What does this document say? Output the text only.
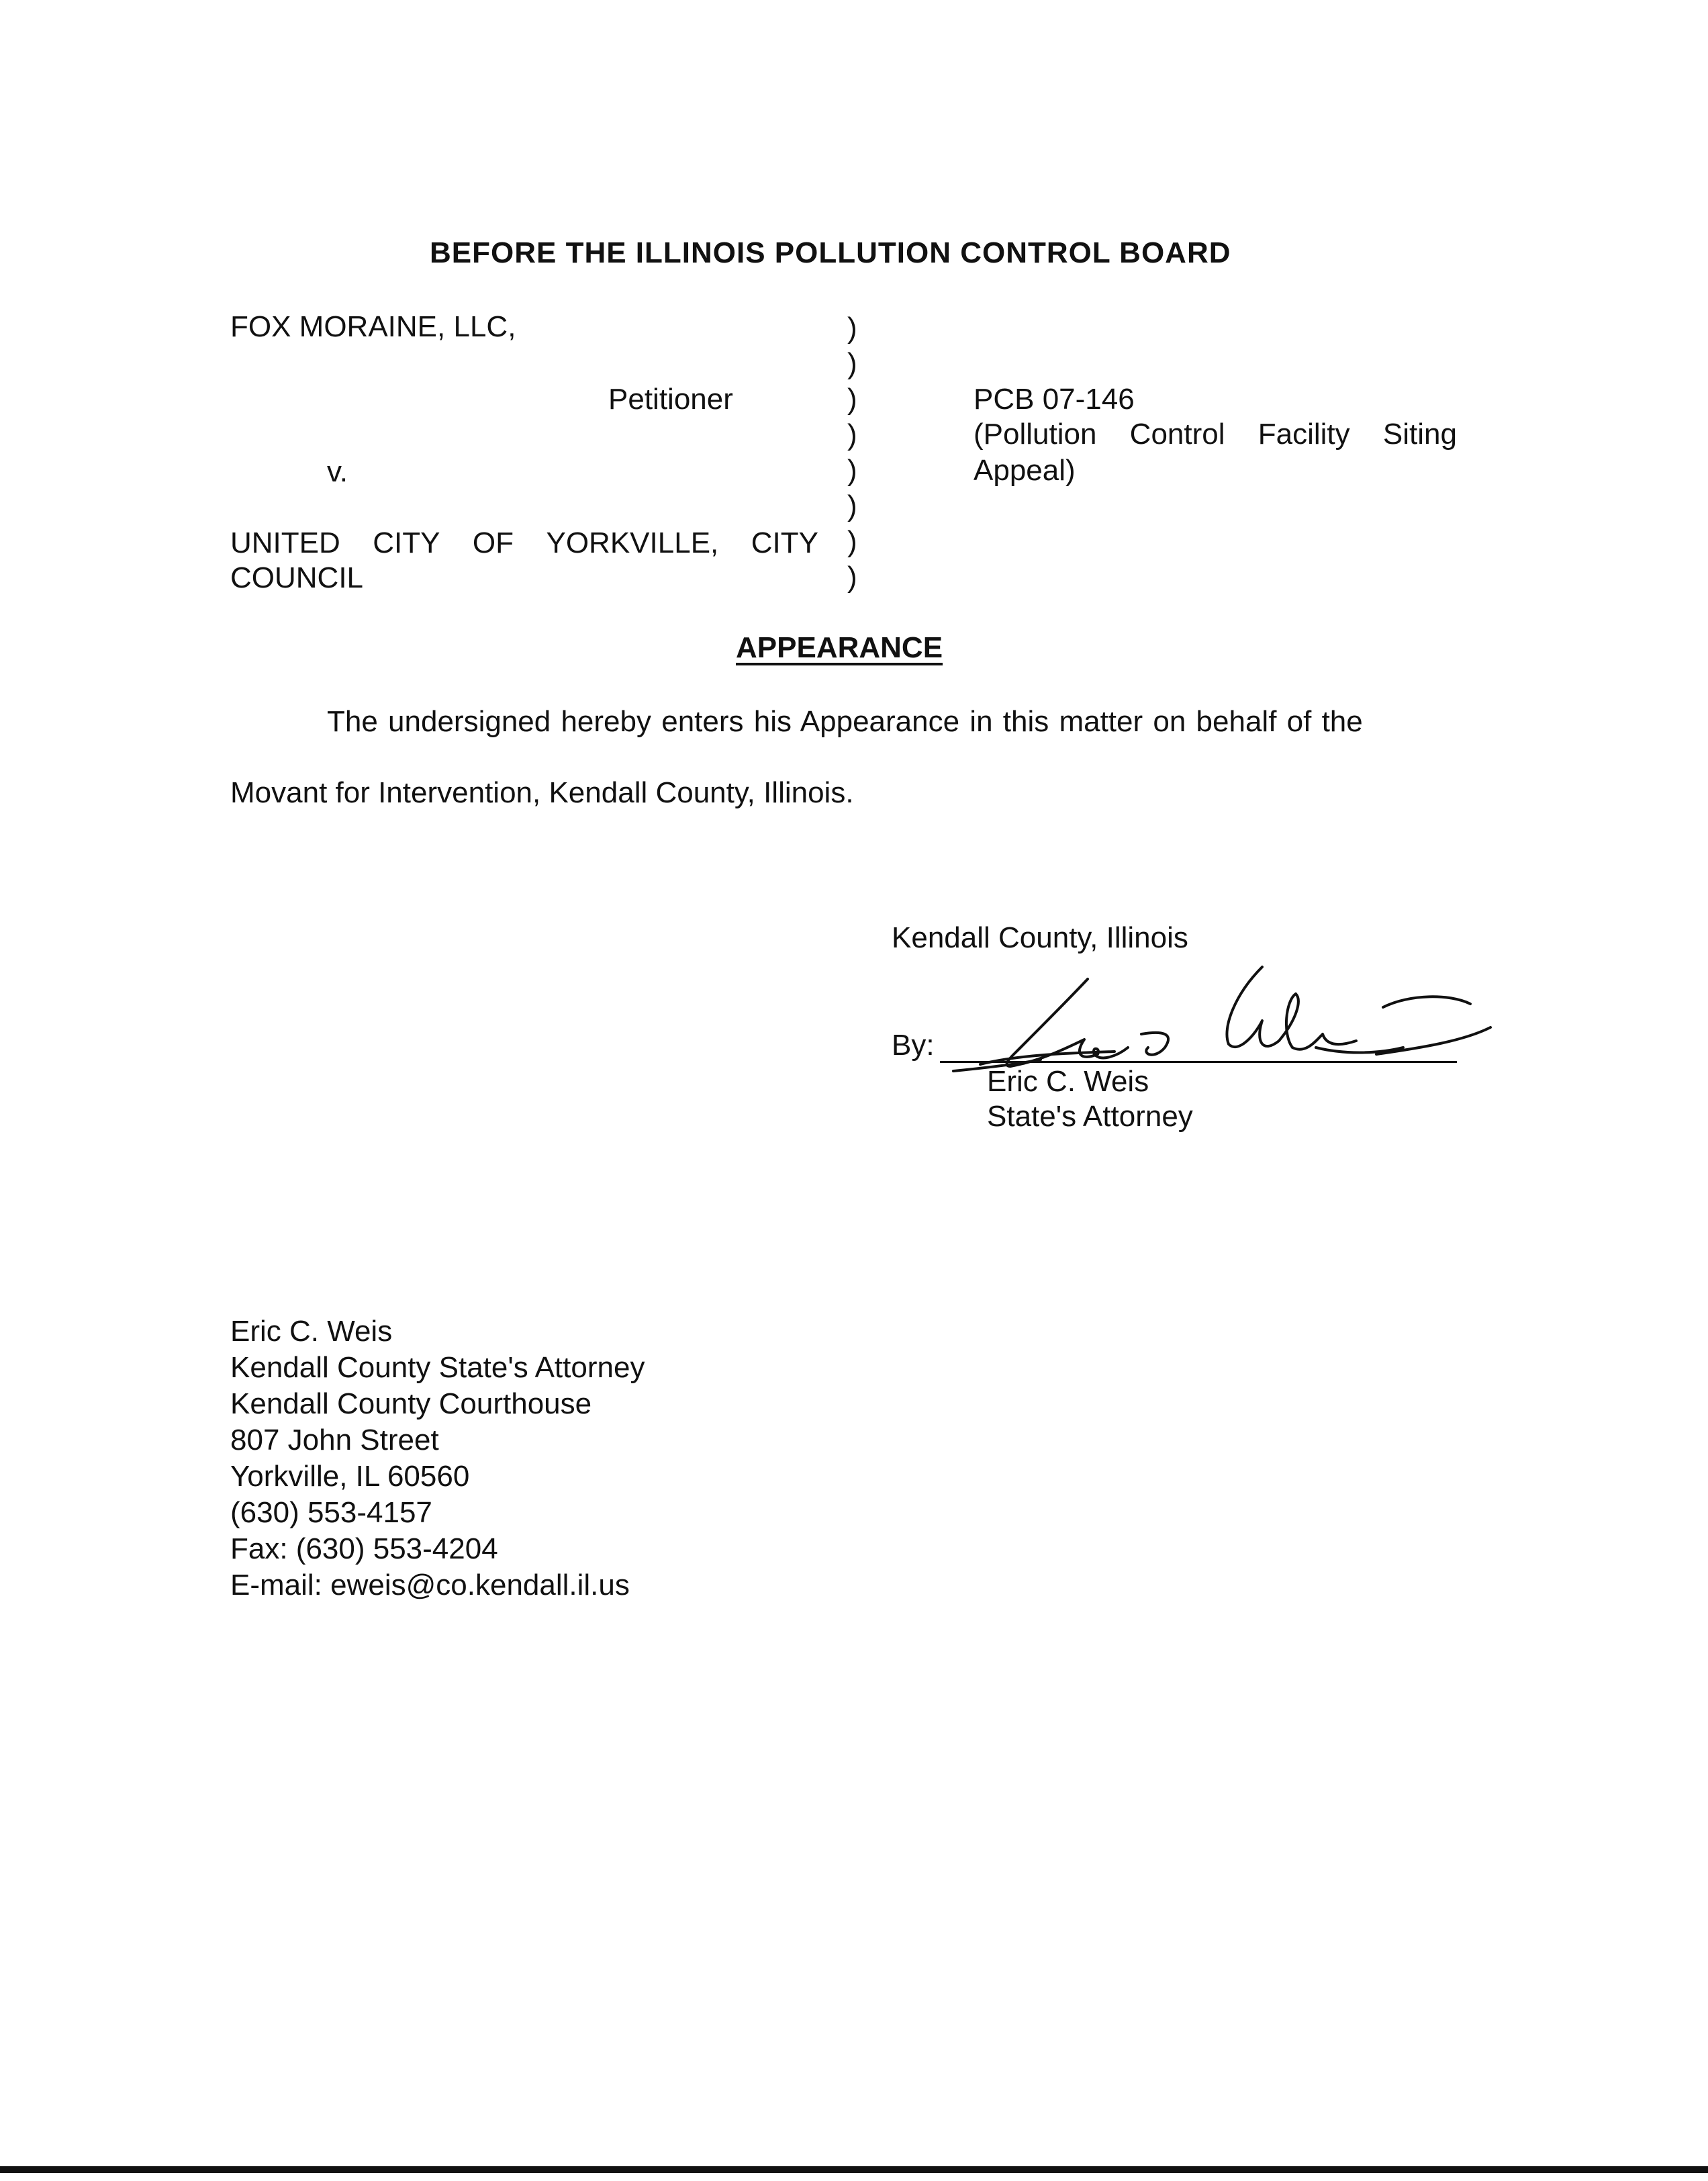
BEFORE THE ILLINOIS POLLUTION CONTROL BOARD
FOX MORAINE, LLC,
Petitioner
v.
UNITED CITY OF YORKVILLE, CITY
COUNCIL
)
)
)
)
)
)
)
)
PCB 07-146
(Pollution Control Facility Siting
Appeal)
APPEARANCE
The undersigned hereby enters his Appearance in this matter on behalf of the
Movant for Intervention, Kendall County, Illinois.
Kendall County, Illinois
By:
Eric C. Weis
State's Attorney
Eric C. Weis
Kendall County State's Attorney
Kendall County Courthouse
807 John Street
Yorkville, IL 60560
(630) 553-4157
Fax: (630) 553-4204
E-mail: eweis@co.kendall.il.us
